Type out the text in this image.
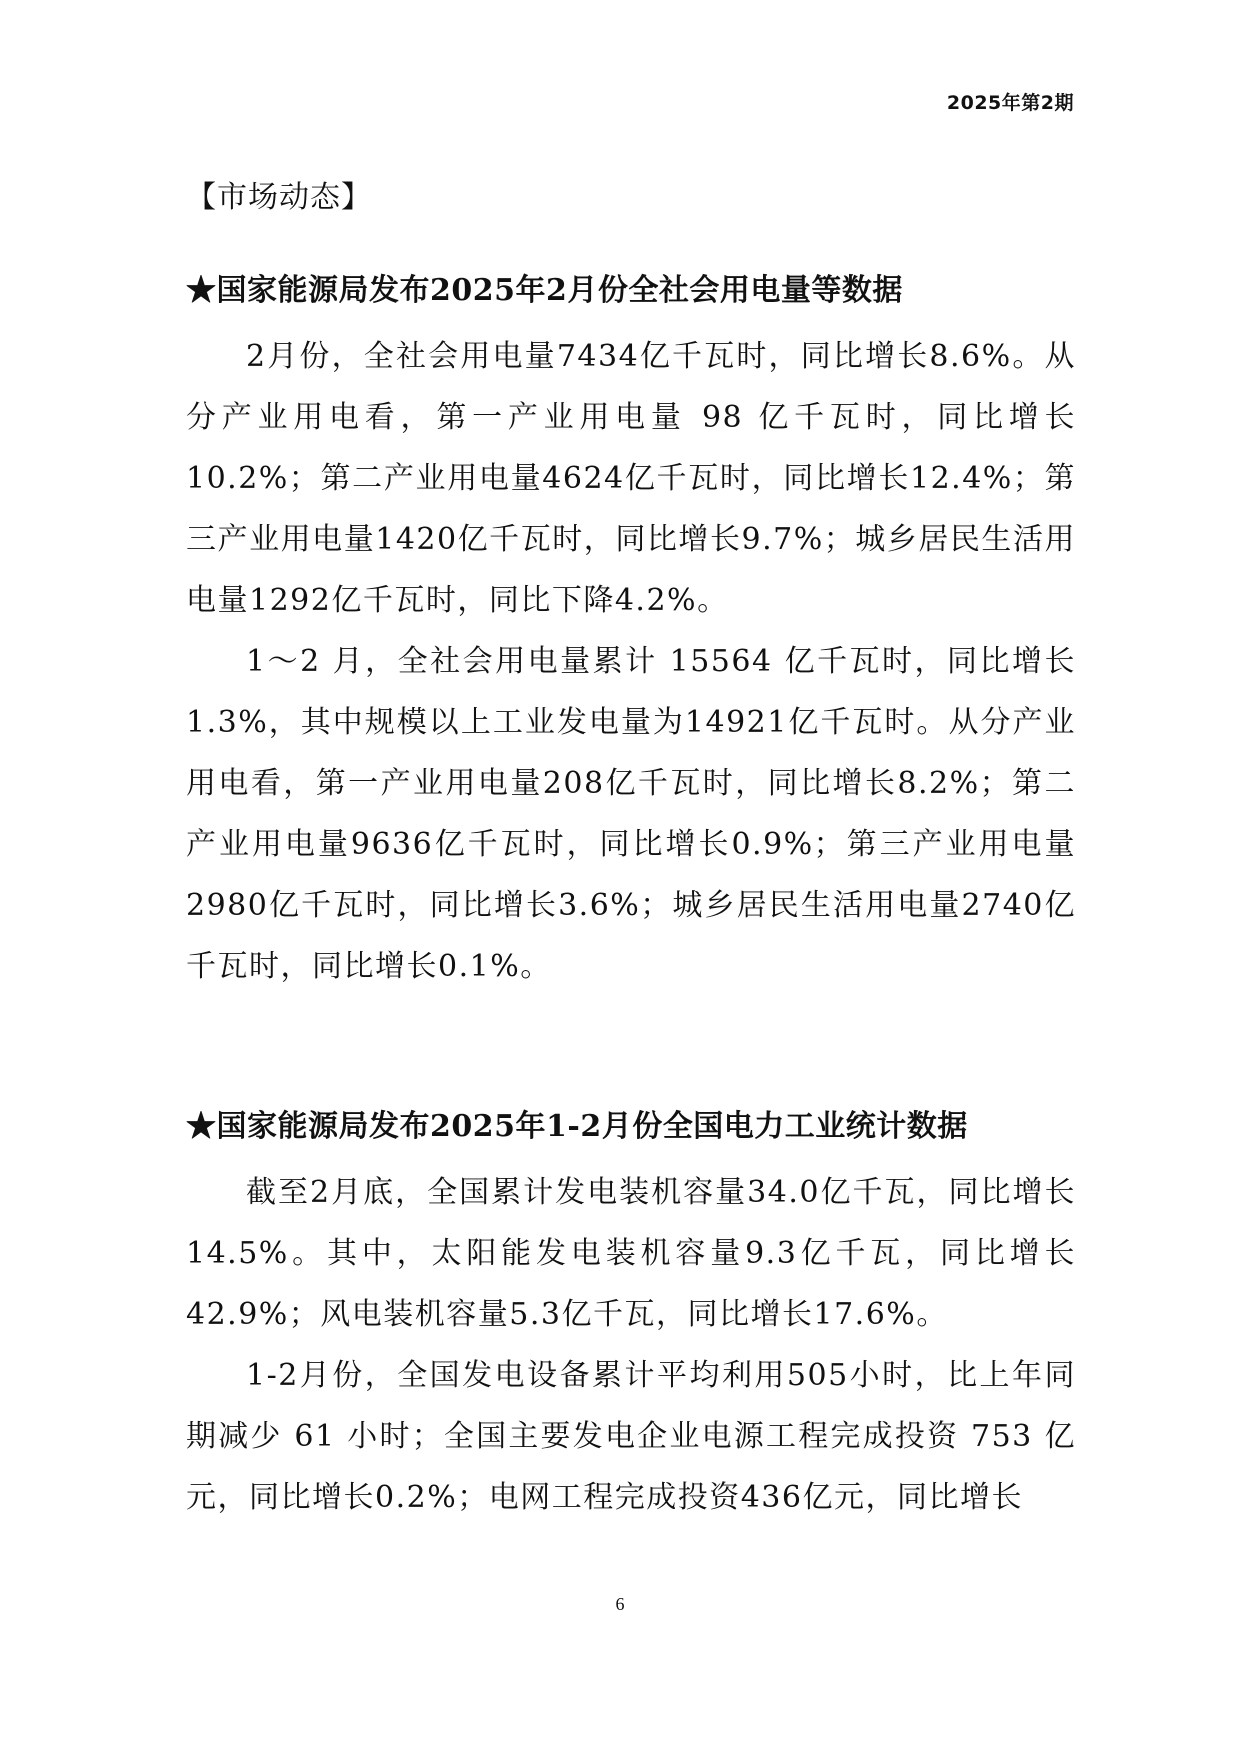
2025年第2期
【市场动态】
★国家能源局发布2025年2月份全社会用电量等数据

2月份，全社会用电量7434亿千瓦时，同比增长8.6%。从分产业用电看，第一产业用电量 98 亿千瓦时，同比增长10.2%；第二产业用电量4624亿千瓦时，同比增长12.4%；第三产业用电量1420亿千瓦时，同比增长9.7%；城乡居民生活用电量1292亿千瓦时，同比下降4.2%。

1～2 月，全社会用电量累计 15564 亿千瓦时，同比增长1.3%，其中规模以上工业发电量为14921亿千瓦时。从分产业用电看，第一产业用电量208亿千瓦时，同比增长8.2%；第二产业用电量9636亿千瓦时，同比增长0.9%；第三产业用电量2980亿千瓦时，同比增长3.6%；城乡居民生活用电量2740亿千瓦时，同比增长0.1%。

★国家能源局发布2025年1-2月份全国电力工业统计数据

截至2月底，全国累计发电装机容量34.0亿千瓦，同比增长14.5%。其中，太阳能发电装机容量9.3亿千瓦，同比增长42.9%；风电装机容量5.3亿千瓦，同比增长17.6%。

1-2月份，全国发电设备累计平均利用505小时，比上年同期减少 61 小时；全国主要发电企业电源工程完成投资 753 亿元，同比增长0.2%；电网工程完成投资436亿元，同比增长

6
